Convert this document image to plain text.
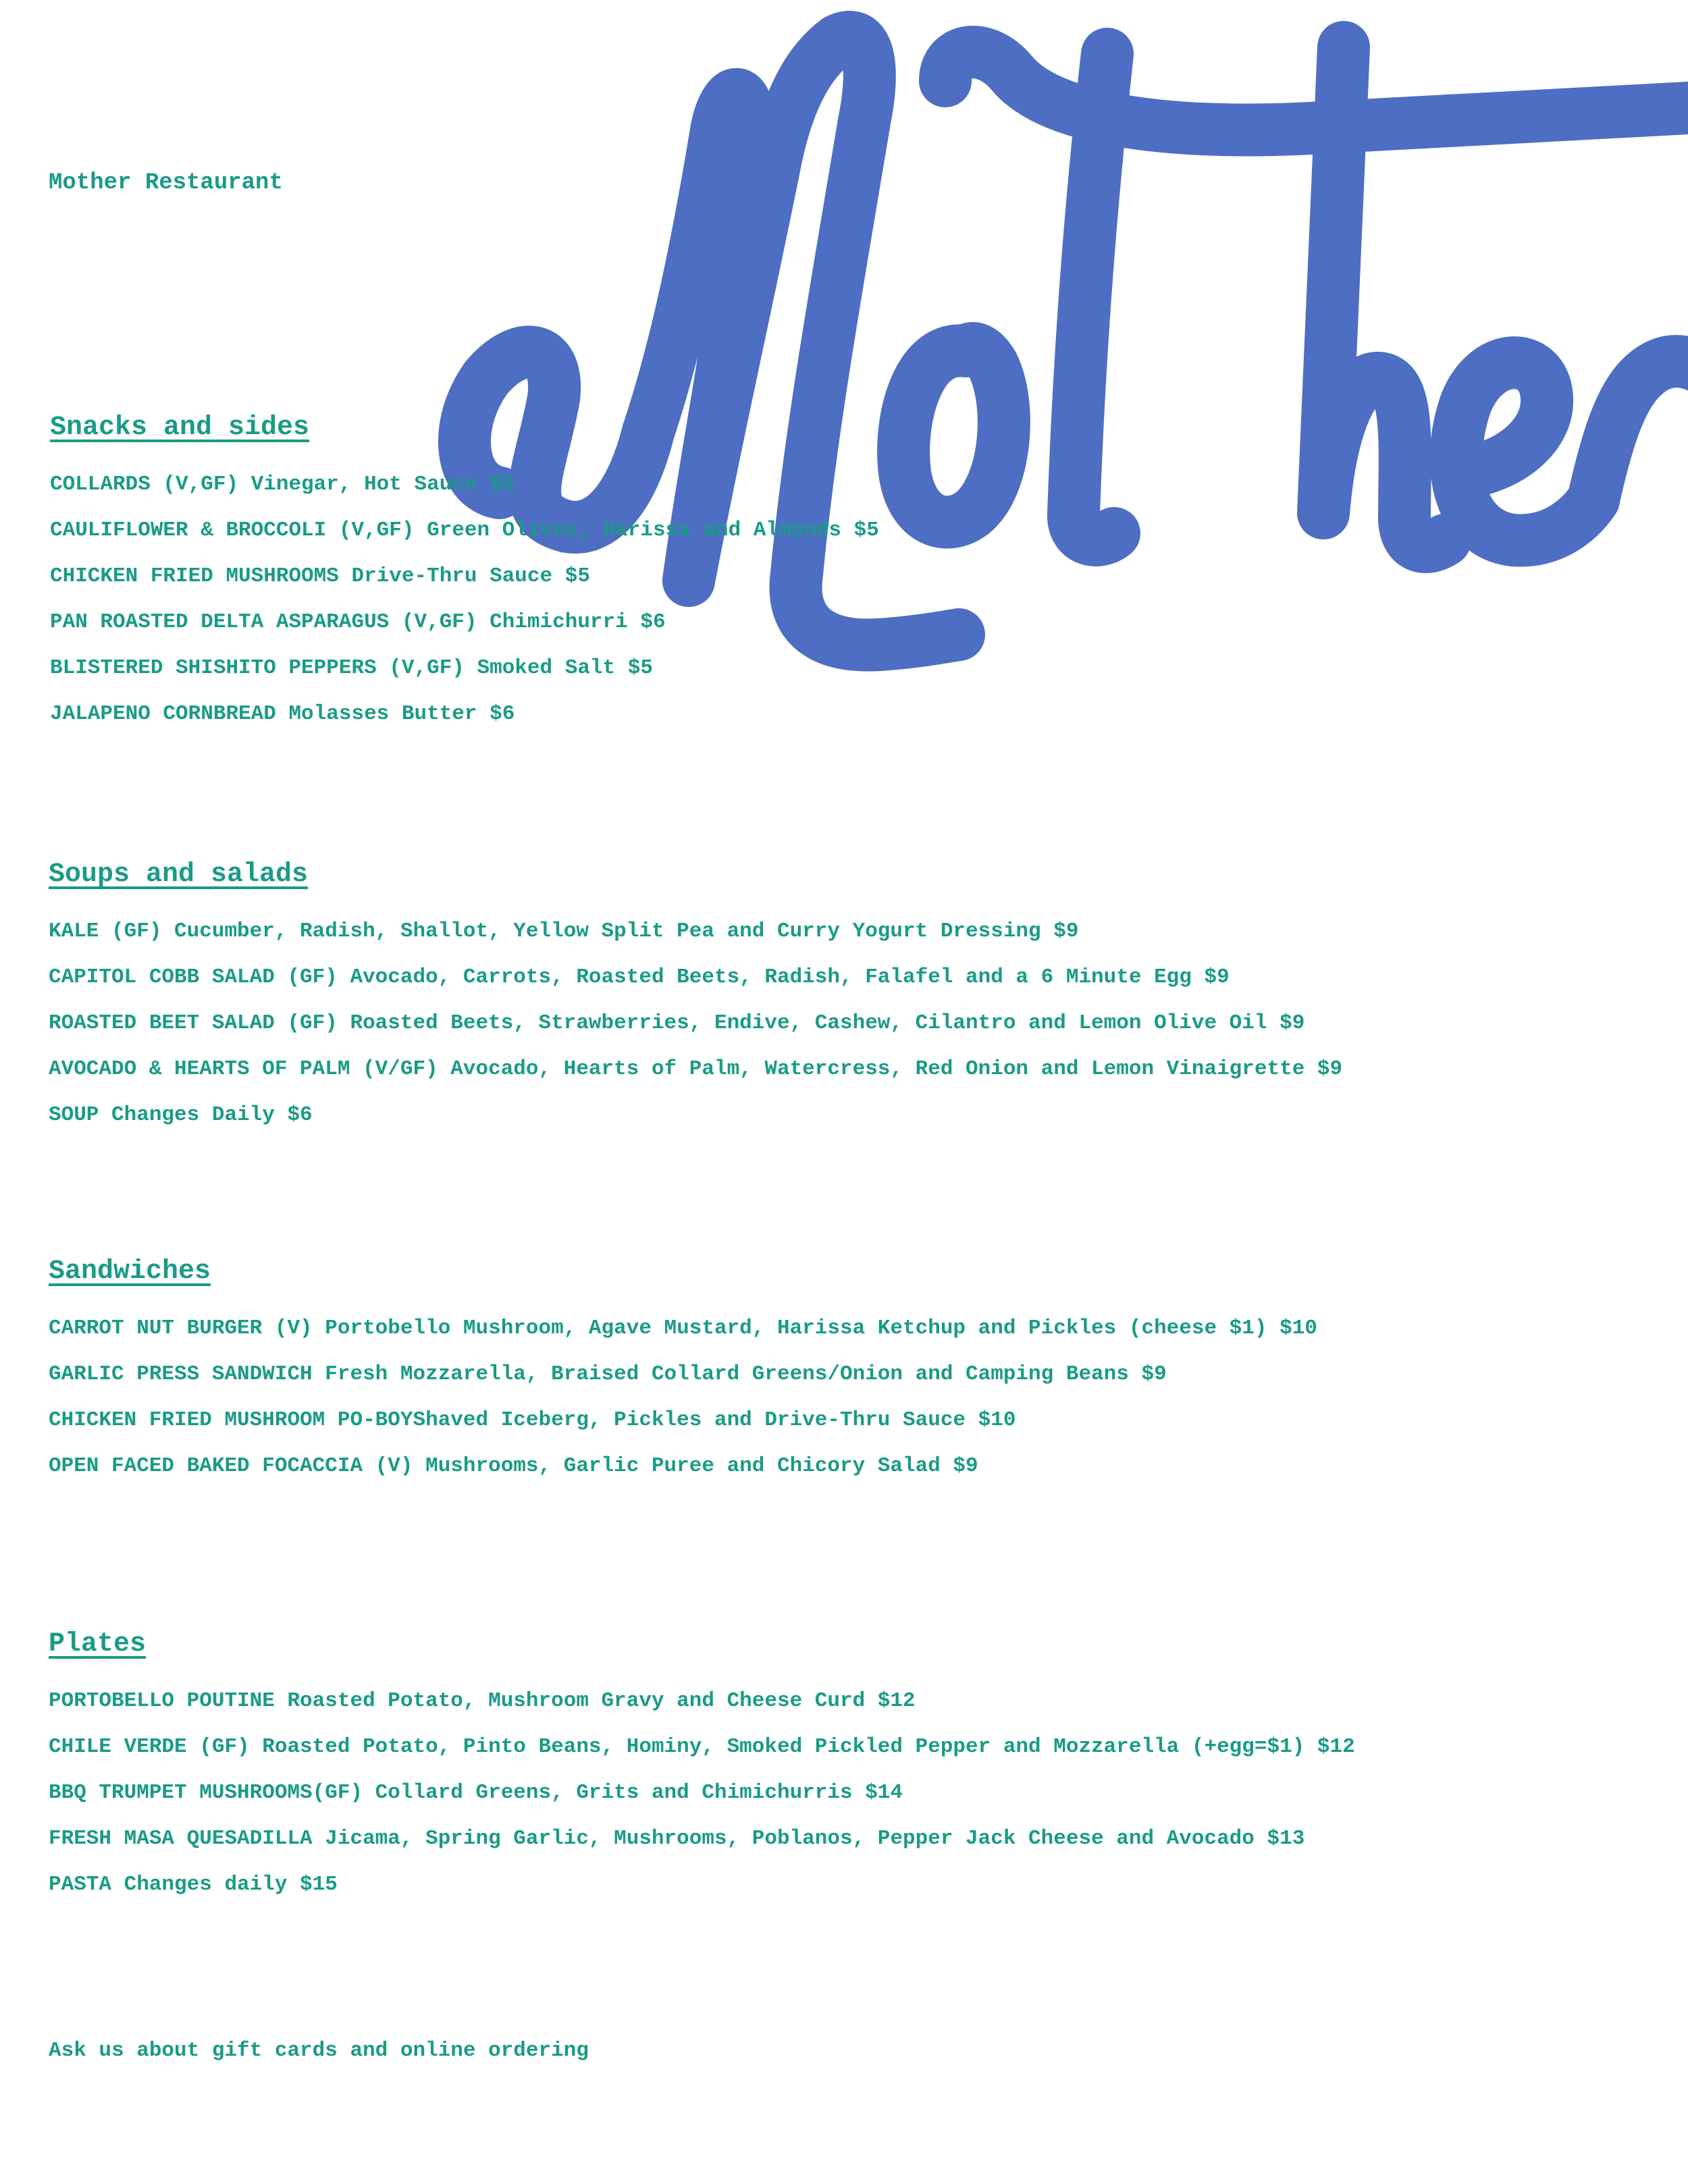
Mother Restaurant
Snacks and sides
COLLARDS (V,GF) Vinegar, Hot Sauce $5
CAULIFLOWER & BROCCOLI (V,GF) Green Olives, Harissa and Almonds $5
CHICKEN FRIED MUSHROOMS Drive-Thru Sauce $5
PAN ROASTED DELTA ASPARAGUS (V,GF) Chimichurri $6
BLISTERED SHISHITO PEPPERS (V,GF) Smoked Salt $5
JALAPENO CORNBREAD Molasses Butter $6
Soups and salads
KALE (GF) Cucumber, Radish, Shallot, Yellow Split Pea and Curry Yogurt Dressing $9
CAPITOL COBB SALAD (GF) Avocado, Carrots, Roasted Beets, Radish, Falafel and a 6 Minute Egg $9
ROASTED BEET SALAD (GF) Roasted Beets, Strawberries, Endive, Cashew, Cilantro and Lemon Olive Oil $9
AVOCADO & HEARTS OF PALM (V/GF) Avocado, Hearts of Palm, Watercress, Red Onion and Lemon Vinaigrette $9
SOUP Changes Daily $6
Sandwiches
CARROT NUT BURGER (V) Portobello Mushroom, Agave Mustard, Harissa Ketchup and Pickles (cheese $1) $10
GARLIC PRESS SANDWICH Fresh Mozzarella, Braised Collard Greens/Onion and Camping Beans $9
CHICKEN FRIED MUSHROOM PO-BOYShaved Iceberg, Pickles and Drive-Thru Sauce $10
OPEN FACED BAKED FOCACCIA (V) Mushrooms, Garlic Puree and Chicory Salad $9
Plates
PORTOBELLO POUTINE Roasted Potato, Mushroom Gravy and Cheese Curd $12
CHILE VERDE (GF) Roasted Potato, Pinto Beans, Hominy, Smoked Pickled Pepper and Mozzarella (+egg=$1) $12
BBQ TRUMPET MUSHROOMS(GF) Collard Greens, Grits and Chimichurris $14
FRESH MASA QUESADILLA Jicama, Spring Garlic, Mushrooms, Poblanos, Pepper Jack Cheese and Avocado $13
PASTA Changes daily $15
Ask us about gift cards and online ordering
